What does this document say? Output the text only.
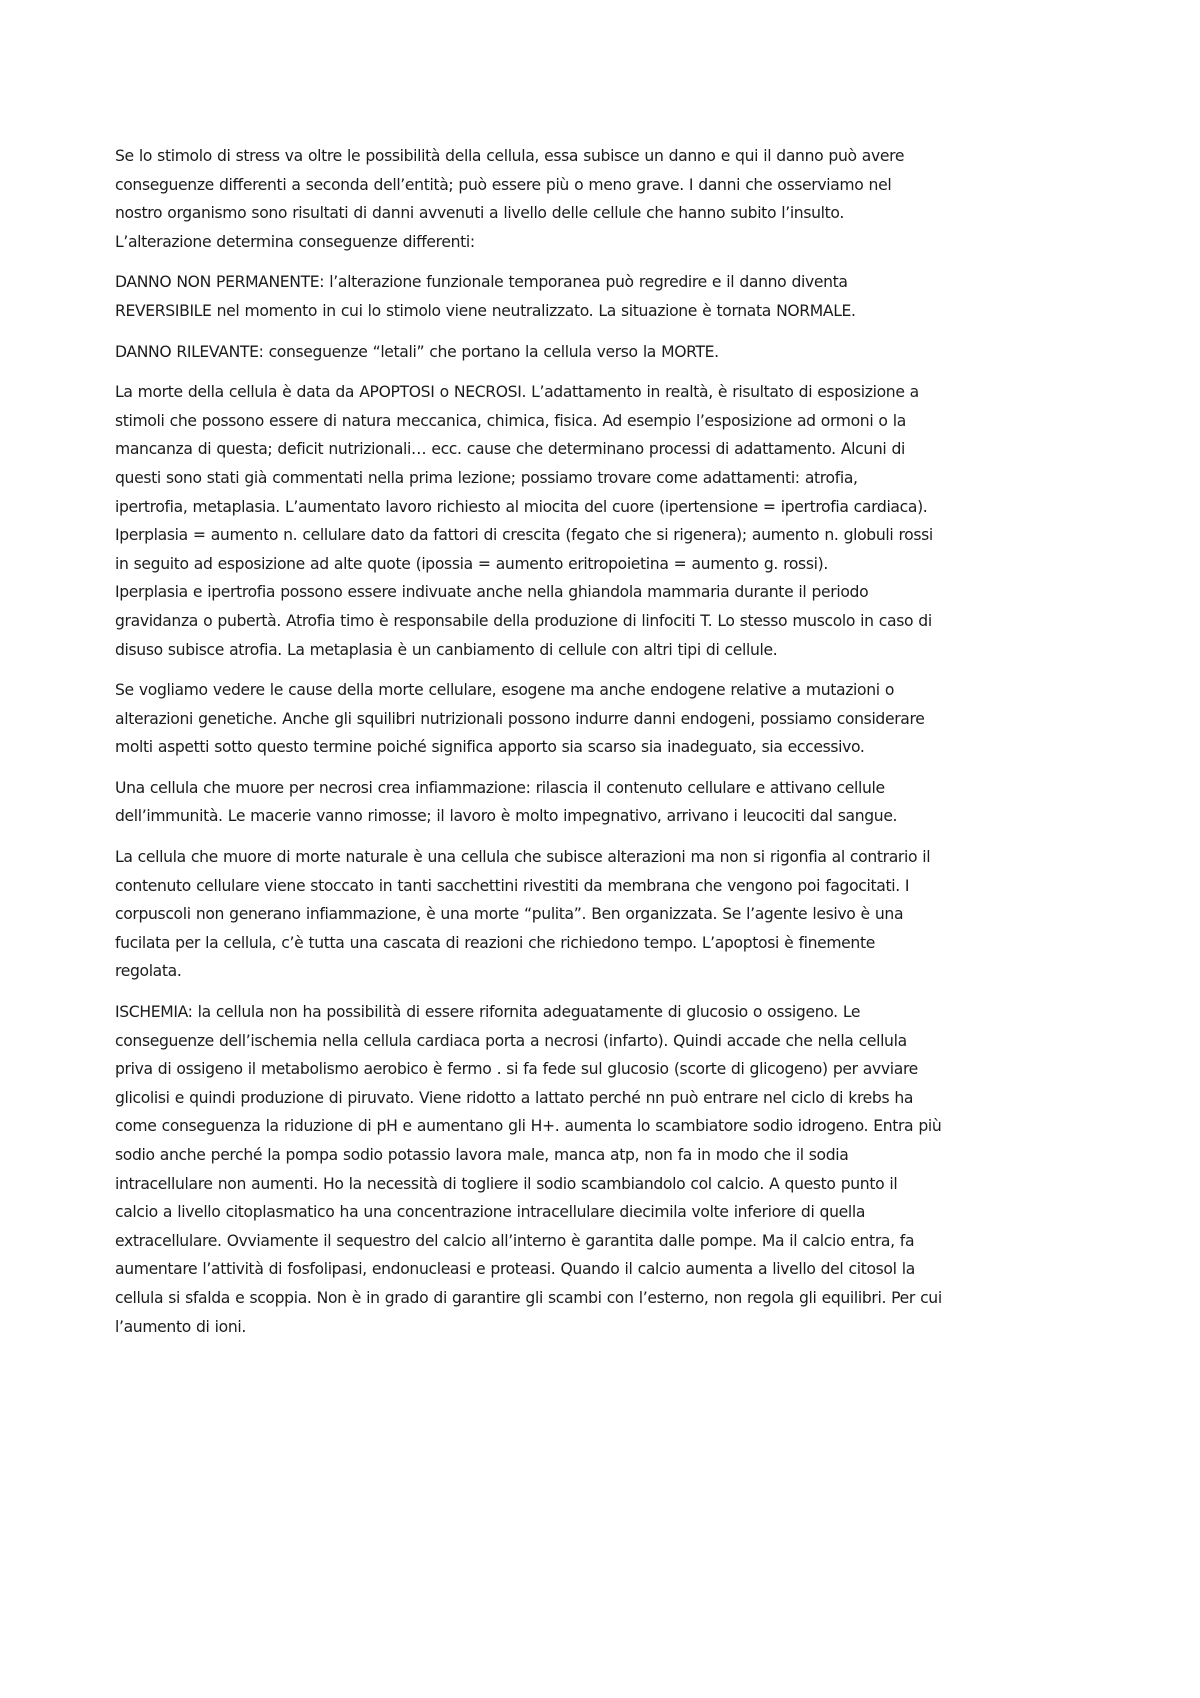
Se lo stimolo di stress va oltre le possibilità della cellula, essa subisce un danno e qui il danno può avere
conseguenze differenti a seconda dell’entità; può essere più o meno grave. I danni che osserviamo nel
nostro organismo sono risultati di danni avvenuti a livello delle cellule che hanno subito l’insulto.
L’alterazione determina conseguenze differenti:
DANNO NON PERMANENTE: l’alterazione funzionale temporanea può regredire e il danno diventa
REVERSIBILE nel momento in cui lo stimolo viene neutralizzato. La situazione è tornata NORMALE.
DANNO RILEVANTE: conseguenze “letali” che portano la cellula verso la MORTE.
La morte della cellula è data da APOPTOSI o NECROSI. L’adattamento in realtà, è risultato di esposizione a
stimoli che possono essere di natura meccanica, chimica, fisica. Ad esempio l’esposizione ad ormoni o la
mancanza di questa; deficit nutrizionali… ecc. cause che determinano processi di adattamento. Alcuni di
questi sono stati già commentati nella prima lezione; possiamo trovare come adattamenti: atrofia,
ipertrofia, metaplasia. L’aumentato lavoro richiesto al miocita del cuore (ipertensione = ipertrofia cardiaca).
Iperplasia = aumento n. cellulare dato da fattori di crescita (fegato che si rigenera); aumento n. globuli rossi
in seguito ad esposizione ad alte quote (ipossia = aumento eritropoietina = aumento g. rossi).
Iperplasia e ipertrofia possono essere indivuate anche nella ghiandola mammaria durante il periodo
gravidanza o pubertà. Atrofia timo è responsabile della produzione di linfociti T. Lo stesso muscolo in caso di
disuso subisce atrofia. La metaplasia è un canbiamento di cellule con altri tipi di cellule.
Se vogliamo vedere le cause della morte cellulare, esogene ma anche endogene relative a mutazioni o
alterazioni genetiche. Anche gli squilibri nutrizionali possono indurre danni endogeni, possiamo considerare
molti aspetti sotto questo termine poiché significa apporto sia scarso sia inadeguato, sia eccessivo.
Una cellula che muore per necrosi crea infiammazione: rilascia il contenuto cellulare e attivano cellule
dell’immunità. Le macerie vanno rimosse; il lavoro è molto impegnativo, arrivano i leucociti dal sangue.
La cellula che muore di morte naturale è una cellula che subisce alterazioni ma non si rigonfia al contrario il
contenuto cellulare viene stoccato in tanti sacchettini rivestiti da membrana che vengono poi fagocitati. I
corpuscoli non generano infiammazione, è una morte “pulita”. Ben organizzata. Se l’agente lesivo è una
fucilata per la cellula, c’è tutta una cascata di reazioni che richiedono tempo. L’apoptosi è finemente
regolata.
ISCHEMIA: la cellula non ha possibilità di essere rifornita adeguatamente di glucosio o ossigeno. Le
conseguenze dell’ischemia nella cellula cardiaca porta a necrosi (infarto). Quindi accade che nella cellula
priva di ossigeno il metabolismo aerobico è fermo . si fa fede sul glucosio (scorte di glicogeno) per avviare
glicolisi e quindi produzione di piruvato. Viene ridotto a lattato perché nn può entrare nel ciclo di krebs ha
come conseguenza la riduzione di pH e aumentano gli H+. aumenta lo scambiatore sodio idrogeno. Entra più
sodio anche perché la pompa sodio potassio lavora male, manca atp, non fa in modo che il sodia
intracellulare non aumenti. Ho la necessità di togliere il sodio scambiandolo col calcio. A questo punto il
calcio a livello citoplasmatico ha una concentrazione intracellulare diecimila volte inferiore di quella
extracellulare. Ovviamente il sequestro del calcio all’interno è garantita dalle pompe. Ma il calcio entra, fa
aumentare l’attività di fosfolipasi, endonucleasi e proteasi. Quando il calcio aumenta a livello del citosol la
cellula si sfalda e scoppia. Non è in grado di garantire gli scambi con l’esterno, non regola gli equilibri. Per cui
l’aumento di ioni.
